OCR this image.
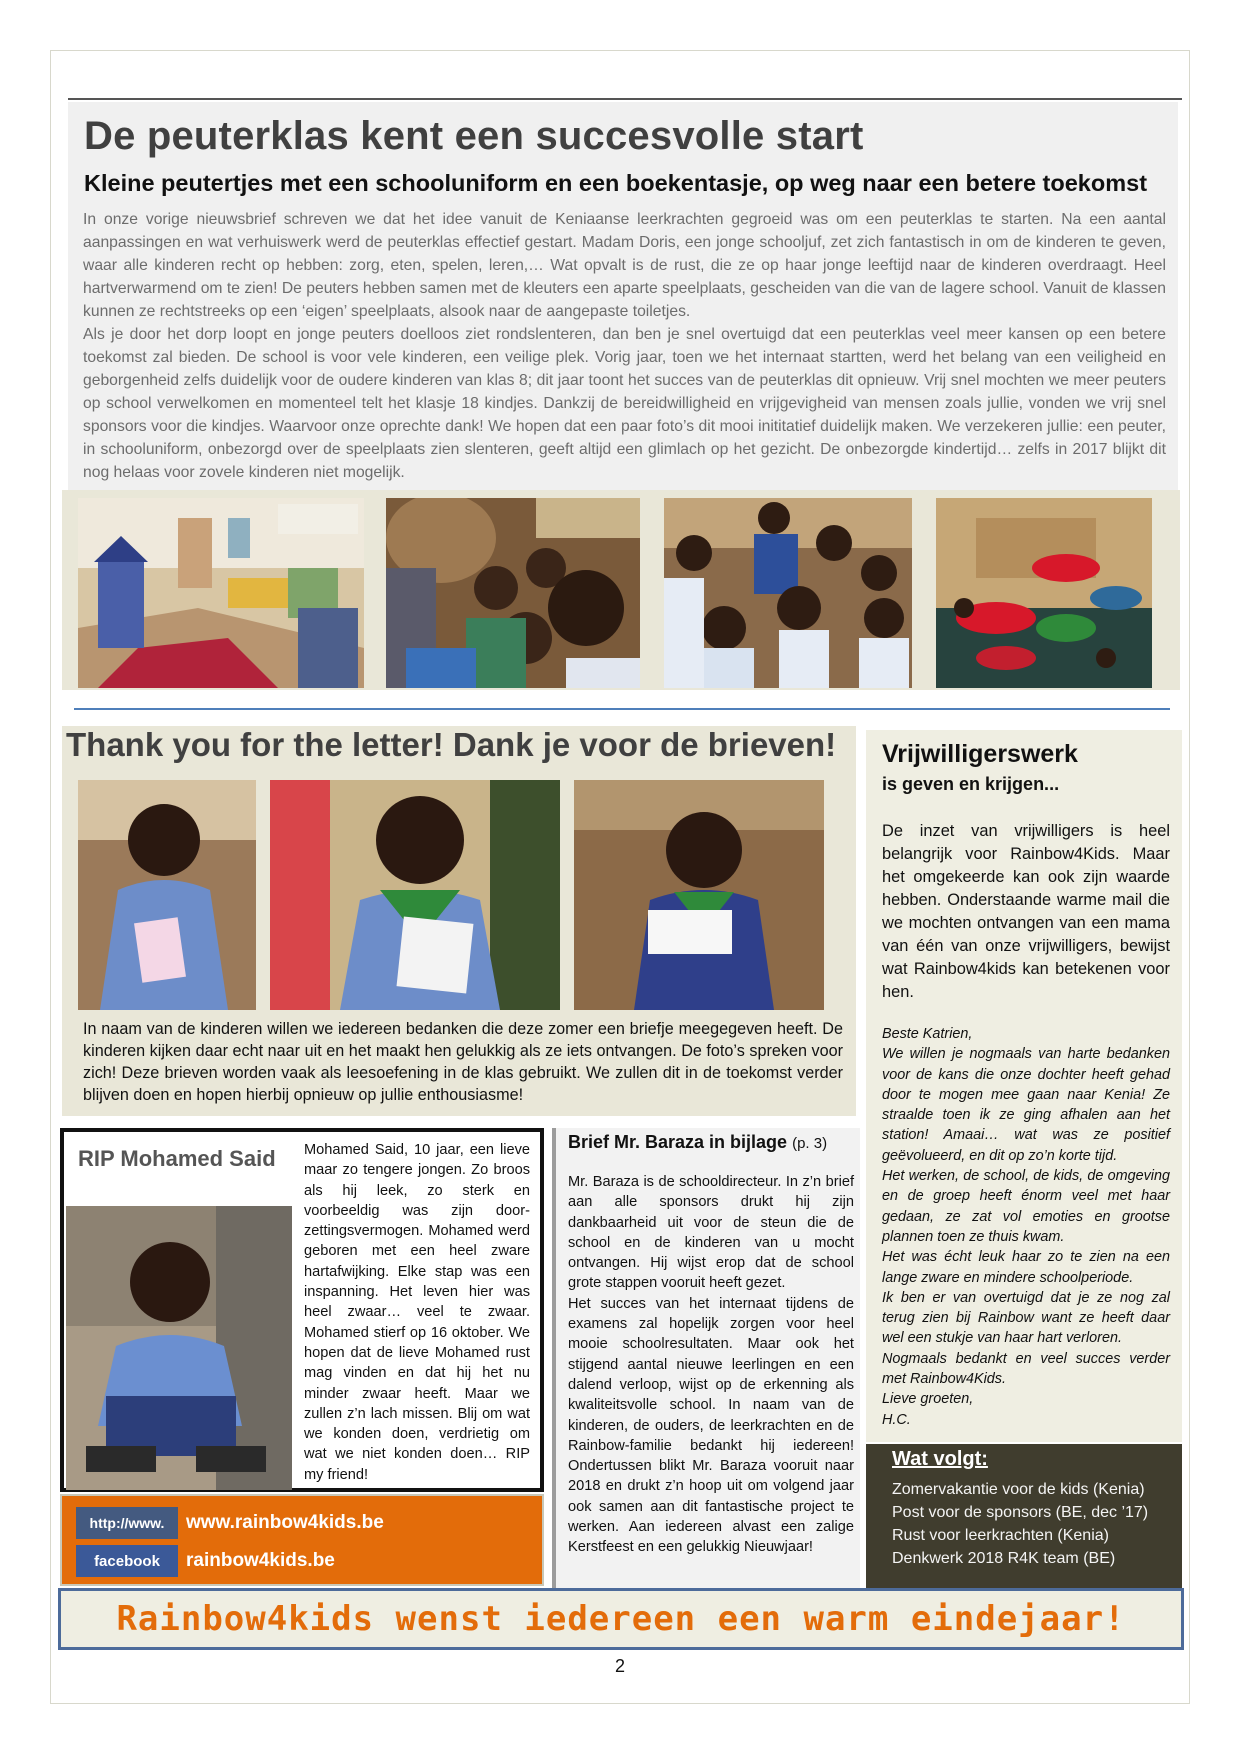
De peuterklas kent een succesvolle start
Kleine peutertjes met een schooluniform en een boekentasje, op weg naar een betere toekomst

In onze vorige nieuwsbrief schreven we dat het idee vanuit de Keniaanse leerkrachten gegroeid was om een peuterklas te starten. Na een aantal aanpassingen en wat verhuiswerk werd de peuterklas effectief gestart. Madam Doris, een jonge schooljuf, zet zich fantastisch in om de kinderen te geven, waar alle kinderen recht op hebben: zorg, eten, spelen, leren,… Wat opvalt is de rust, die ze op haar jonge leeftijd naar de kinderen overdraagt. Heel hartverwarmend om te zien! De peuters hebben samen met de kleuters een aparte speelplaats, gescheiden van die van de lagere school. Vanuit de klassen kunnen ze rechtstreeks op een ‘eigen’ speelplaats, alsook naar de aangepaste toiletjes.

Als je door het dorp loopt en jonge peuters doelloos ziet rondslenteren, dan ben je snel overtuigd dat een peuterklas veel meer kansen op een betere toekomst zal bieden. De school is voor vele kinderen, een veilige plek. Vorig jaar, toen we het internaat startten, werd het belang van een veiligheid en geborgenheid zelfs duidelijk voor de oudere kinderen van klas 8; dit jaar toont het succes van de peuterklas dit opnieuw. Vrij snel mochten we meer peuters op school verwelkomen en momenteel telt het klasje 18 kindjes. Dankzij de bereidwilligheid en vrijgevigheid van mensen zoals jullie, vonden we vrij snel sponsors voor die kindjes. Waarvoor onze oprechte dank! We hopen dat een paar foto’s dit mooi inititatief duidelijk maken. We verzekeren jullie: een peuter, in schooluniform, onbezorgd over de speelplaats zien slenteren, geeft altijd een glimlach op het gezicht. De onbezorgde kindertijd… zelfs in 2017 blijkt dit nog helaas voor zovele kinderen niet mogelijk.

Thank you for the letter! Dank je voor de brieven!
In naam van de kinderen willen we iedereen bedanken die deze zomer een briefje meegegeven heeft. De kinderen kijken daar echt naar uit en het maakt hen gelukkig als ze iets ontvangen. De foto’s spreken voor zich! Deze brieven worden vaak als leesoefening in de klas gebruikt. We zullen dit in de toekomst verder blijven doen en hopen hierbij opnieuw op jullie enthousiasme!
Vrijwilligerswerk
is geven en krijgen...
De inzet van vrijwilligers is heel belangrijk voor Rainbow4Kids. Maar het omgekeerde kan ook zijn waarde hebben. Onderstaande warme mail die we mochten ontvangen van een mama van één van onze vrijwilligers, bewijst wat Rainbow4kids kan betekenen voor hen.
Beste Katrien,
We willen je nogmaals van harte bedanken voor de kans die onze dochter heeft gehad door te mogen mee gaan naar Kenia! Ze straalde toen ik ze ging afhalen aan het station! Amaai… wat was ze positief geëvolueerd, en dit op zo’n korte tijd.
Het werken, de school, de kids, de omgeving en de groep heeft énorm veel met haar gedaan, ze zat vol emoties en grootse plannen toen ze thuis kwam.
Het was écht leuk haar zo te zien na een lange zware en mindere schoolperiode.
Ik ben er van overtuigd dat je ze nog zal terug zien bij Rainbow want ze heeft daar wel een stukje van haar hart verloren.
Nogmaals bedankt en veel succes verder met Rainbow4Kids.
Lieve groeten,
H.C.
Wat volgt:
Zomervakantie voor de kids (Kenia)
Post voor de sponsors (BE, dec ’17)
Rust voor leerkrachten (Kenia)
Denkwerk 2018 R4K team (BE)
RIP Mohamed Said Mohamed Said, 10 jaar, een lieve maar zo tengere jongen. Zo broos als hij leek, zo sterk en voorbeeldig was zijn door-zettingsvermogen. Mohamed werd geboren met een heel zware hartafwijking. Elke stap was een inspanning. Het leven hier was heel zwaar… veel te zwaar. Mohamed stierf op 16 oktober. We hopen dat de lieve Mohamed rust mag vinden en dat hij het nu minder zwaar heeft. Maar we zullen z’n lach missen. Blij om wat we konden doen, verdrietig om wat we niet konden doen… RIP my friend!
http://www. www.rainbow4kids.be
facebook rainbow4kids.be
Brief Mr. Baraza in bijlage (p. 3)

Mr. Baraza is de schooldirecteur. In z’n brief aan alle sponsors drukt hij zijn dankbaarheid uit voor de steun die de school en de kinderen van u mocht ontvangen. Hij wijst erop dat de school grote stappen vooruit heeft gezet.

Het succes van het internaat tijdens de examens zal hopelijk zorgen voor heel mooie schoolresultaten. Maar ook het stijgend aantal nieuwe leerlingen en een dalend verloop, wijst op de erkenning als kwaliteitsvolle school. In naam van de kinderen, de ouders, de leerkrachten en de Rainbow-familie bedankt hij iedereen! Ondertussen blikt Mr. Baraza vooruit naar 2018 en drukt z’n hoop uit om volgend jaar ook samen aan dit fantastische project te werken. Aan iedereen alvast een zalige Kerstfeest en een gelukkig Nieuwjaar!

Rainbow4kids wenst iedereen een warm eindejaar!
2
